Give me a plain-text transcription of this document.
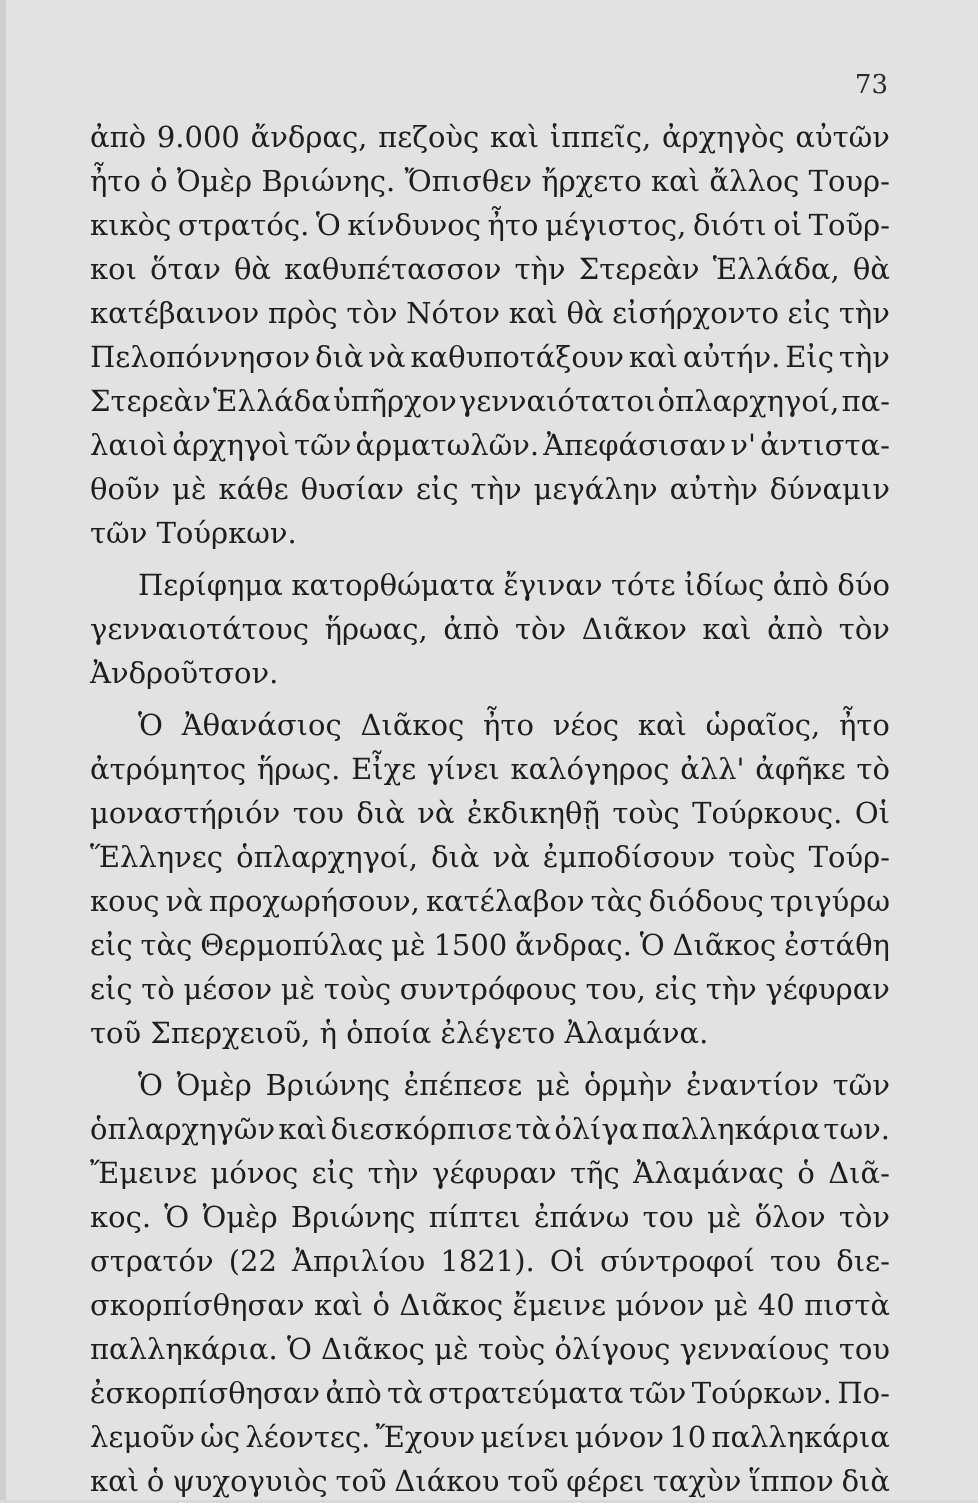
73
ἀπὸ 9.000 ἄνδρας, πεζοὺς καὶ ἱππεῖς, ἀρχηγὸς αὐτῶν
ἦτο ὁ Ὀμὲρ Βριώνης. Ὄπισθεν ἤρχετο καὶ ἄλλος Τουρ-
κικὸς στρατός. Ὁ κίνδυνος ἦτο μέγιστος, διότι οἱ Τοῦρ-
κοι ὅταν θὰ καθυπέτασσον τὴν Στερεὰν Ἑλλάδα, θὰ
κατέβαινον πρὸς τὸν Νότον καὶ θὰ εἰσήρχοντο εἰς τὴν
Πελοπόννησον διὰ νὰ καθυποτάξουν καὶ αὐτήν. Εἰς τὴν
Στερεὰν Ἑλλάδα ὑπῆρχον γενναιότατοι ὁπλαρχηγοί, πα-
λαιοὶ ἀρχηγοὶ τῶν ἁρματωλῶν. Ἀπεφάσισαν ν' ἀντιστα-
θοῦν μὲ κάθε θυσίαν εἰς τὴν μεγάλην αὐτὴν δύναμιν
τῶν Τούρκων.
Περίφημα κατορθώματα ἔγιναν τότε ἰδίως ἀπὸ δύο
γενναιοτάτους ἥρωας, ἀπὸ τὸν Διᾶκον καὶ ἀπὸ τὸν
Ἀνδροῦτσον.
Ὁ Ἀθανάσιος Διᾶκος ἦτο νέος καὶ ὡραῖος, ἦτο
ἀτρόμητος ἥρως. Εἶχε γίνει καλόγηρος ἀλλ' ἀφῆκε τὸ
μοναστήριόν του διὰ νὰ ἐκδικηθῇ τοὺς Τούρκους. Οἱ
Ἕλληνες ὁπλαρχηγοί, διὰ νὰ ἐμποδίσουν τοὺς Τούρ-
κους νὰ προχωρήσουν, κατέλαβον τὰς διόδους τριγύρω
εἰς τὰς Θερμοπύλας μὲ 1500 ἄνδρας. Ὁ Διᾶκος ἐστάθη
εἰς τὸ μέσον μὲ τοὺς συντρόφους του, εἰς τὴν γέφυραν
τοῦ Σπερχειοῦ, ἡ ὁποία ἐλέγετο Ἀλαμάνα.
Ὁ Ὀμὲρ Βριώνης ἐπέπεσε μὲ ὁρμὴν ἐναντίον τῶν
ὁπλαρχηγῶν καὶ διεσκόρπισε τὰ ὀλίγα παλληκάρια των.
Ἔμεινε μόνος εἰς τὴν γέφυραν τῆς Ἀλαμάνας ὁ Διᾶ-
κος. Ὁ Ὀμὲρ Βριώνης πίπτει ἐπάνω του μὲ ὅλον τὸν
στρατόν (22 Ἀπριλίου 1821). Οἱ σύντροφοί του διε-
σκορπίσθησαν καὶ ὁ Διᾶκος ἔμεινε μόνον μὲ 40 πιστὰ
παλληκάρια. Ὁ Διᾶκος μὲ τοὺς ὀλίγους γενναίους του
ἐσκορπίσθησαν ἀπὸ τὰ στρατεύματα τῶν Τούρκων. Πο-
λεμοῦν ὡς λέοντες. Ἔχουν μείνει μόνον 10 παλληκάρια
καὶ ὁ ψυχογυιὸς τοῦ Διάκου τοῦ φέρει ταχὺν ἵππον διὰ
